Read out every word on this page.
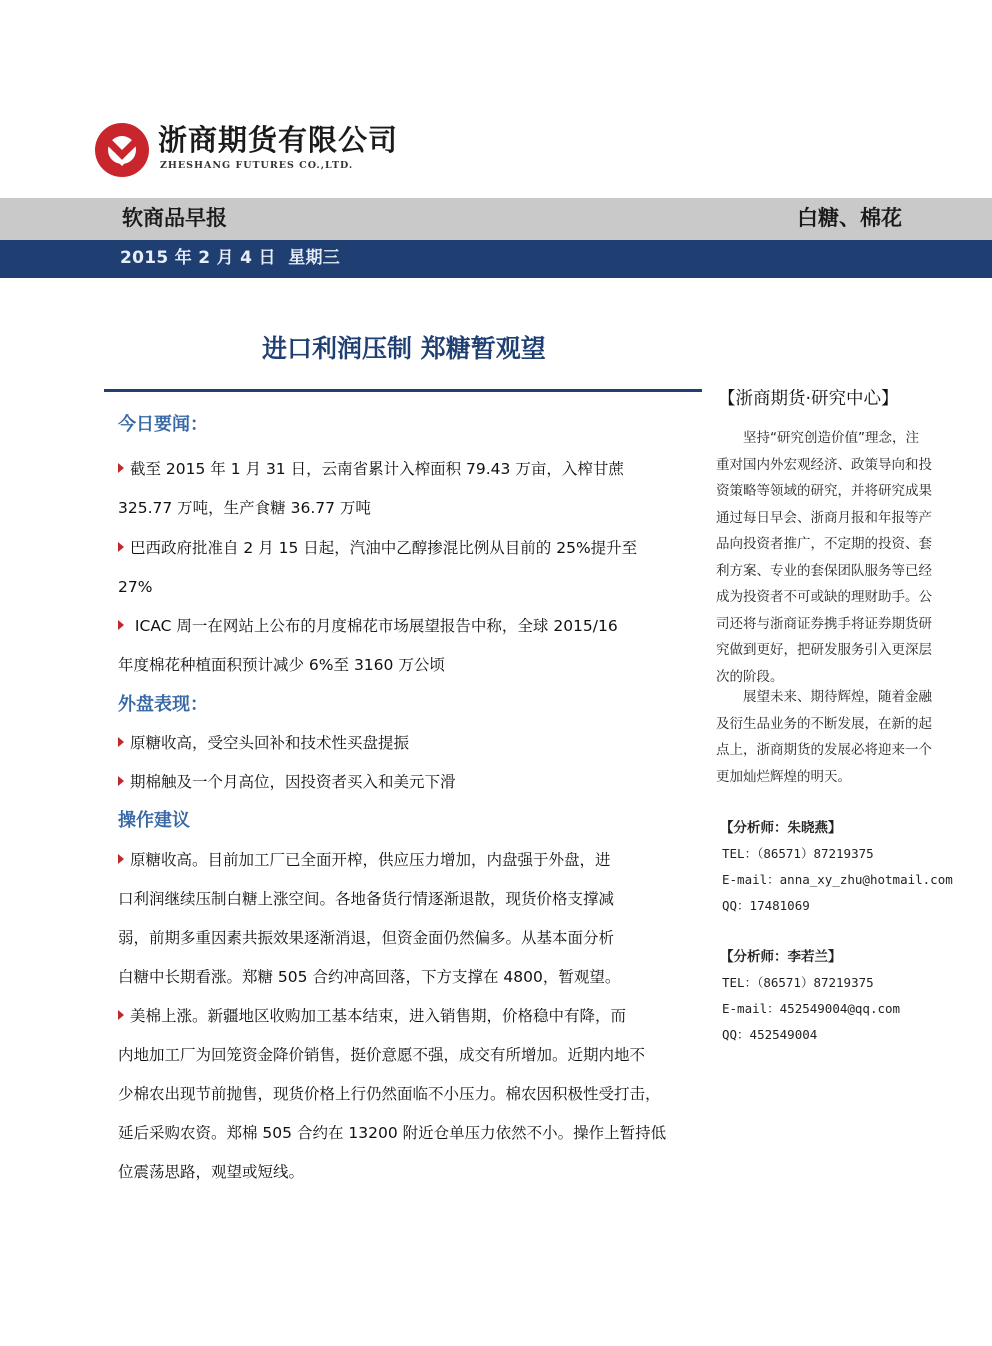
浙商期货有限公司
ZHESHANG FUTURES CO.,LTD.
软商品早报	白糖、棉花
2015 年 2 月 4 日  星期三
进口利润压制 郑糖暂观望
今日要闻：
截至 2015 年 1 月 31 日，云南省累计入榨面积 79.43 万亩，入榨甘蔗
325.77 万吨，生产食糖 36.77 万吨
巴西政府批准自 2 月 15 日起，汽油中乙醇掺混比例从目前的 25%提升至
27%
ICAC 周一在网站上公布的月度棉花市场展望报告中称，全球 2015/16
年度棉花种植面积预计减少 6%至 3160 万公顷
外盘表现：
原糖收高，受空头回补和技术性买盘提振
期棉触及一个月高位，因投资者买入和美元下滑
操作建议
原糖收高。目前加工厂已全面开榨，供应压力增加，内盘强于外盘，进
口利润继续压制白糖上涨空间。各地备货行情逐渐退散，现货价格支撑减
弱，前期多重因素共振效果逐渐消退，但资金面仍然偏多。从基本面分析
白糖中长期看涨。郑糖 505 合约冲高回落，下方支撑在 4800，暂观望。
美棉上涨。新疆地区收购加工基本结束，进入销售期，价格稳中有降，而
内地加工厂为回笼资金降价销售，挺价意愿不强，成交有所增加。近期内地不
少棉农出现节前抛售，现货价格上行仍然面临不小压力。棉农因积极性受打击，
延后采购农资。郑棉 505 合约在 13200 附近仓单压力依然不小。操作上暂持低
位震荡思路，观望或短线。
【浙商期货·研究中心】
　　坚持“研究创造价值”理念，注
重对国内外宏观经济、政策导向和投
资策略等领域的研究，并将研究成果
通过每日早会、浙商月报和年报等产
品向投资者推广，不定期的投资、套
利方案、专业的套保团队服务等已经
成为投资者不可或缺的理财助手。公
司还将与浙商证券携手将证券期货研
究做到更好，把研发服务引入更深层
次的阶段。
　　展望未来、期待辉煌，随着金融
及衍生品业务的不断发展，在新的起
点上，浙商期货的发展必将迎来一个
更加灿烂辉煌的明天。
【分析师：朱晓燕】
TEL：（86571）87219375
E-mail：anna_xy_zhu@hotmail.com
QQ：17481069
【分析师：李若兰】
TEL：（86571）87219375
E-mail：452549004@qq.com
QQ：452549004
